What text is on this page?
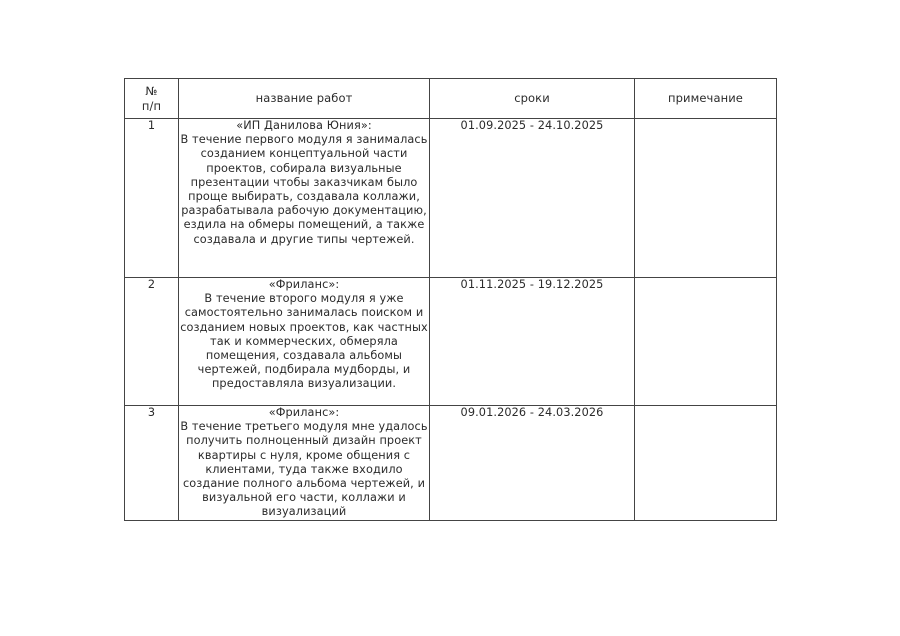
№
п/п	название работ	сроки	примечание
1	«ИП Данилова Юния»:
В течение первого модуля я занималась созданием концептуальной части проектов, собирала визуальные презентации чтобы заказчикам было проще выбирать, создавала коллажи, разрабатывала рабочую документацию, ездила на обмеры помещений, а также создавала и другие типы чертежей.	01.09.2025 - 24.10.2025	
2	«Фриланс»:
В течение второго модуля я уже самостоятельно занималась поиском и созданием новых проектов, как частных так и коммерческих, обмеряла помещения, создавала альбомы чертежей, подбирала мудборды, и предоставляла визуализации.	01.11.2025 - 19.12.2025	
3	«Фриланс»:
В течение третьего модуля мне удалось получить полноценный дизайн проект квартиры с нуля, кроме общения с клиентами, туда также входило создание полного альбома чертежей, и визуальной его части, коллажи и визуализаций	09.01.2026 - 24.03.2026	
